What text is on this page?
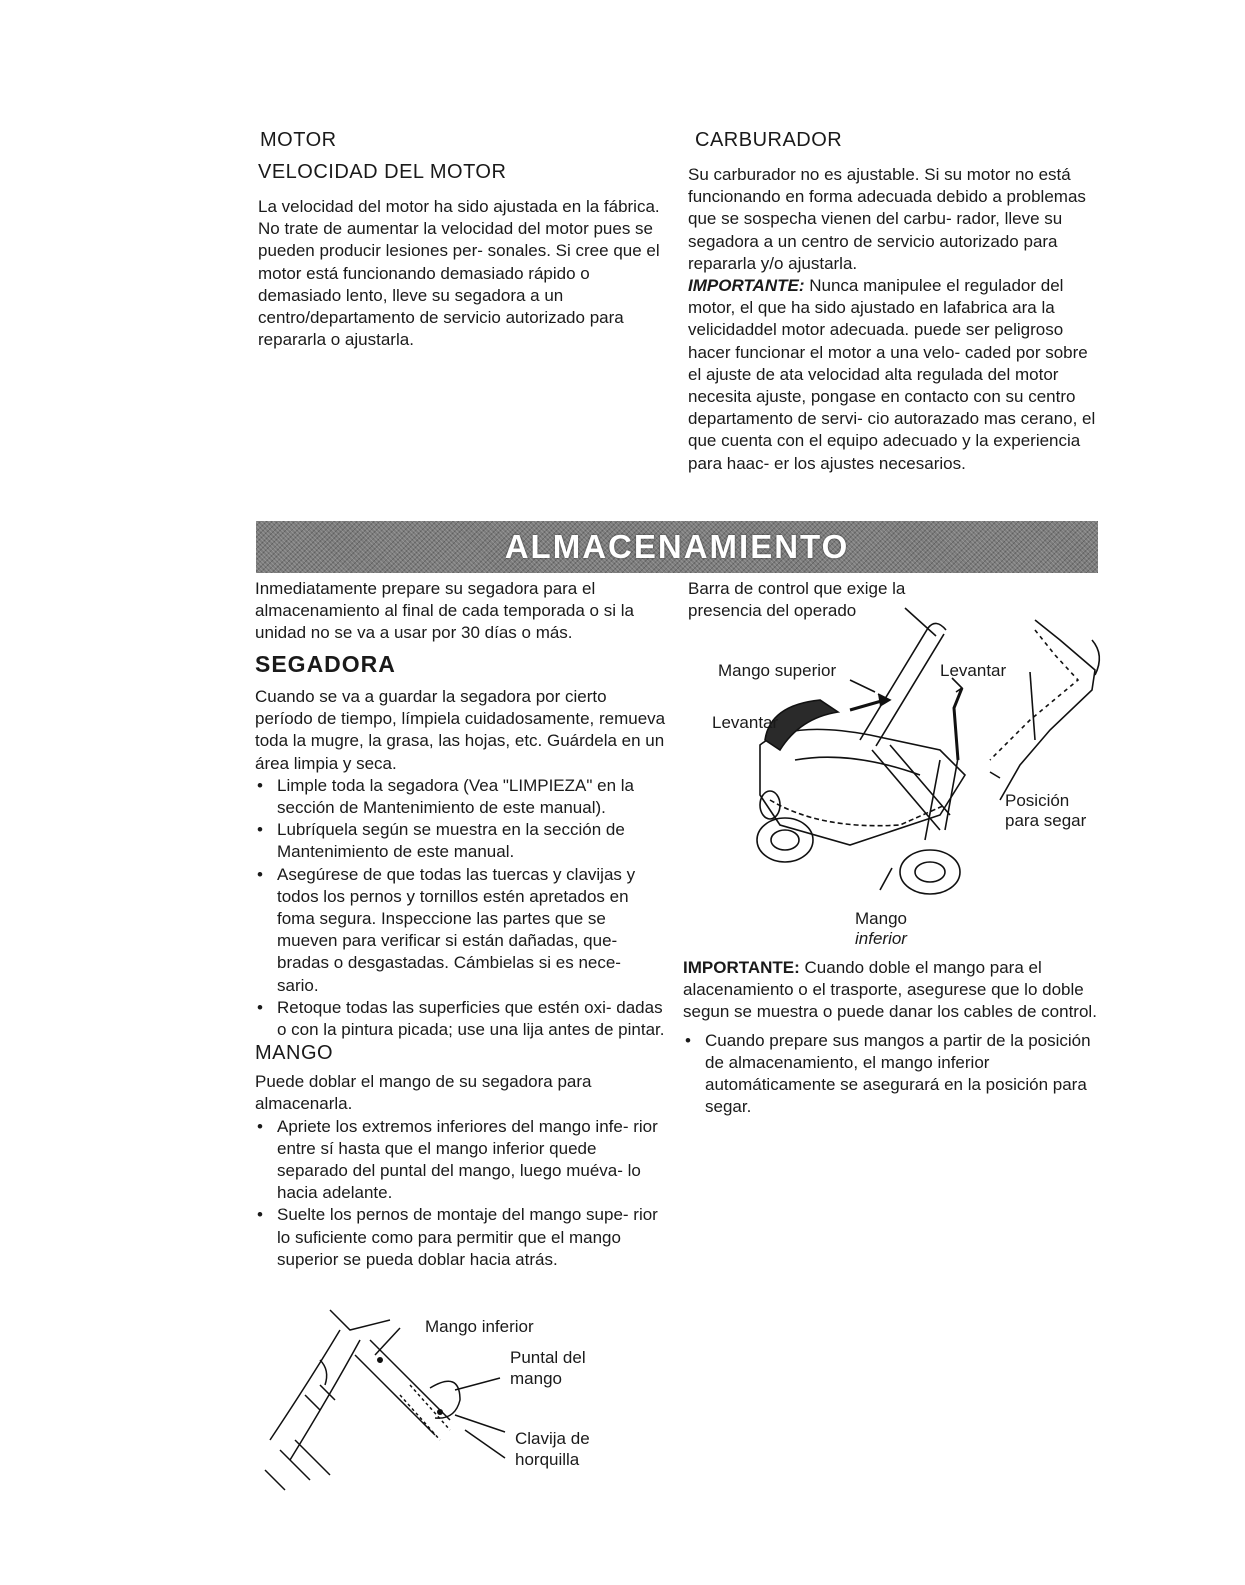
MOTOR
VELOCIDAD DEL MOTOR

La velocidad del motor ha sido ajustada en la fábrica. No trate de aumentar la velocidad del motor pues se pueden producir lesiones per- sonales. Si cree que el motor está funcionando demasiado rápido o demasiado lento, lleve su segadora a un centro/departamento de servicio autorizado para repararla o ajustarla.

CARBURADOR

Su carburador no es ajustable. Si su motor no está funcionando en forma adecuada debido a problemas que se sospecha vienen del carbu- rador, lleve su segadora a un centro de servicio autorizado para repararla y/o ajustarla.

IMPORTANTE: Nunca manipulee el regulador del motor, el que ha sido ajustado en lafabrica ara la velicidaddel motor adecuada. puede ser peligroso hacer funcionar el motor a una velo- caded por sobre el ajuste de ata velocidad alta regulada del motor necesita ajuste, pongase en contacto con su centro departamento de servi- cio autorazado mas cerano, el que cuenta con el equipo adecuado y la experiencia para haac- er los ajustes necesarios.

ALMACENAMIENTO

Inmediatamente prepare su segadora para el almacenamiento al final de cada temporada o si la unidad no se va a usar por 30 días o más.

SEGADORA

Cuando se va a guardar la segadora por cierto período de tiempo, límpiela cuidadosamente, remueva toda la mugre, la grasa, las hojas, etc. Guárdela en un área limpia y seca.

• Limple toda la segadora (Vea "LIMPIEZA" en la sección de Mantenimiento de este manual).
• Lubríquela según se muestra en la sección de Mantenimiento de este manual.
• Asegúrese de que todas las tuercas y clavijas y todos los pernos y tornillos estén apretados en foma segura. Inspeccione las partes que se mueven para verificar si están dañadas, que- bradas o desgastadas. Cámbielas si es nece- sario.
• Retoque todas las superficies que estén oxi- dadas o con la pintura picada; use una lija antes de pintar.
MANGO

Puede doblar el mango de su segadora para almacenarla.

• Apriete los extremos inferiores del mango infe- rior entre sí hasta que el mango inferior quede separado del puntal del mango, luego muéva- lo hacia adelante.
• Suelte los pernos de montaje del mango supe- rior lo suficiente como para permitir que el mango superior se pueda doblar hacia atrás.

Barra de control que exige la presencia del operado

Mango superior	Levantar
Levantar
Posición
para segar
Mango
inferior

IMPORTANTE: Cuando doble el mango para el alacenamiento o el trasporte, asegurese que lo doble segun se muestra o puede danar los cables de control.

• Cuando prepare sus mangos a partir de la posición de almacenamiento, el mango inferior automáticamente se asegurará en la posición para segar.
Mango inferior
Puntal del
mango
Clavija de
horquilla
